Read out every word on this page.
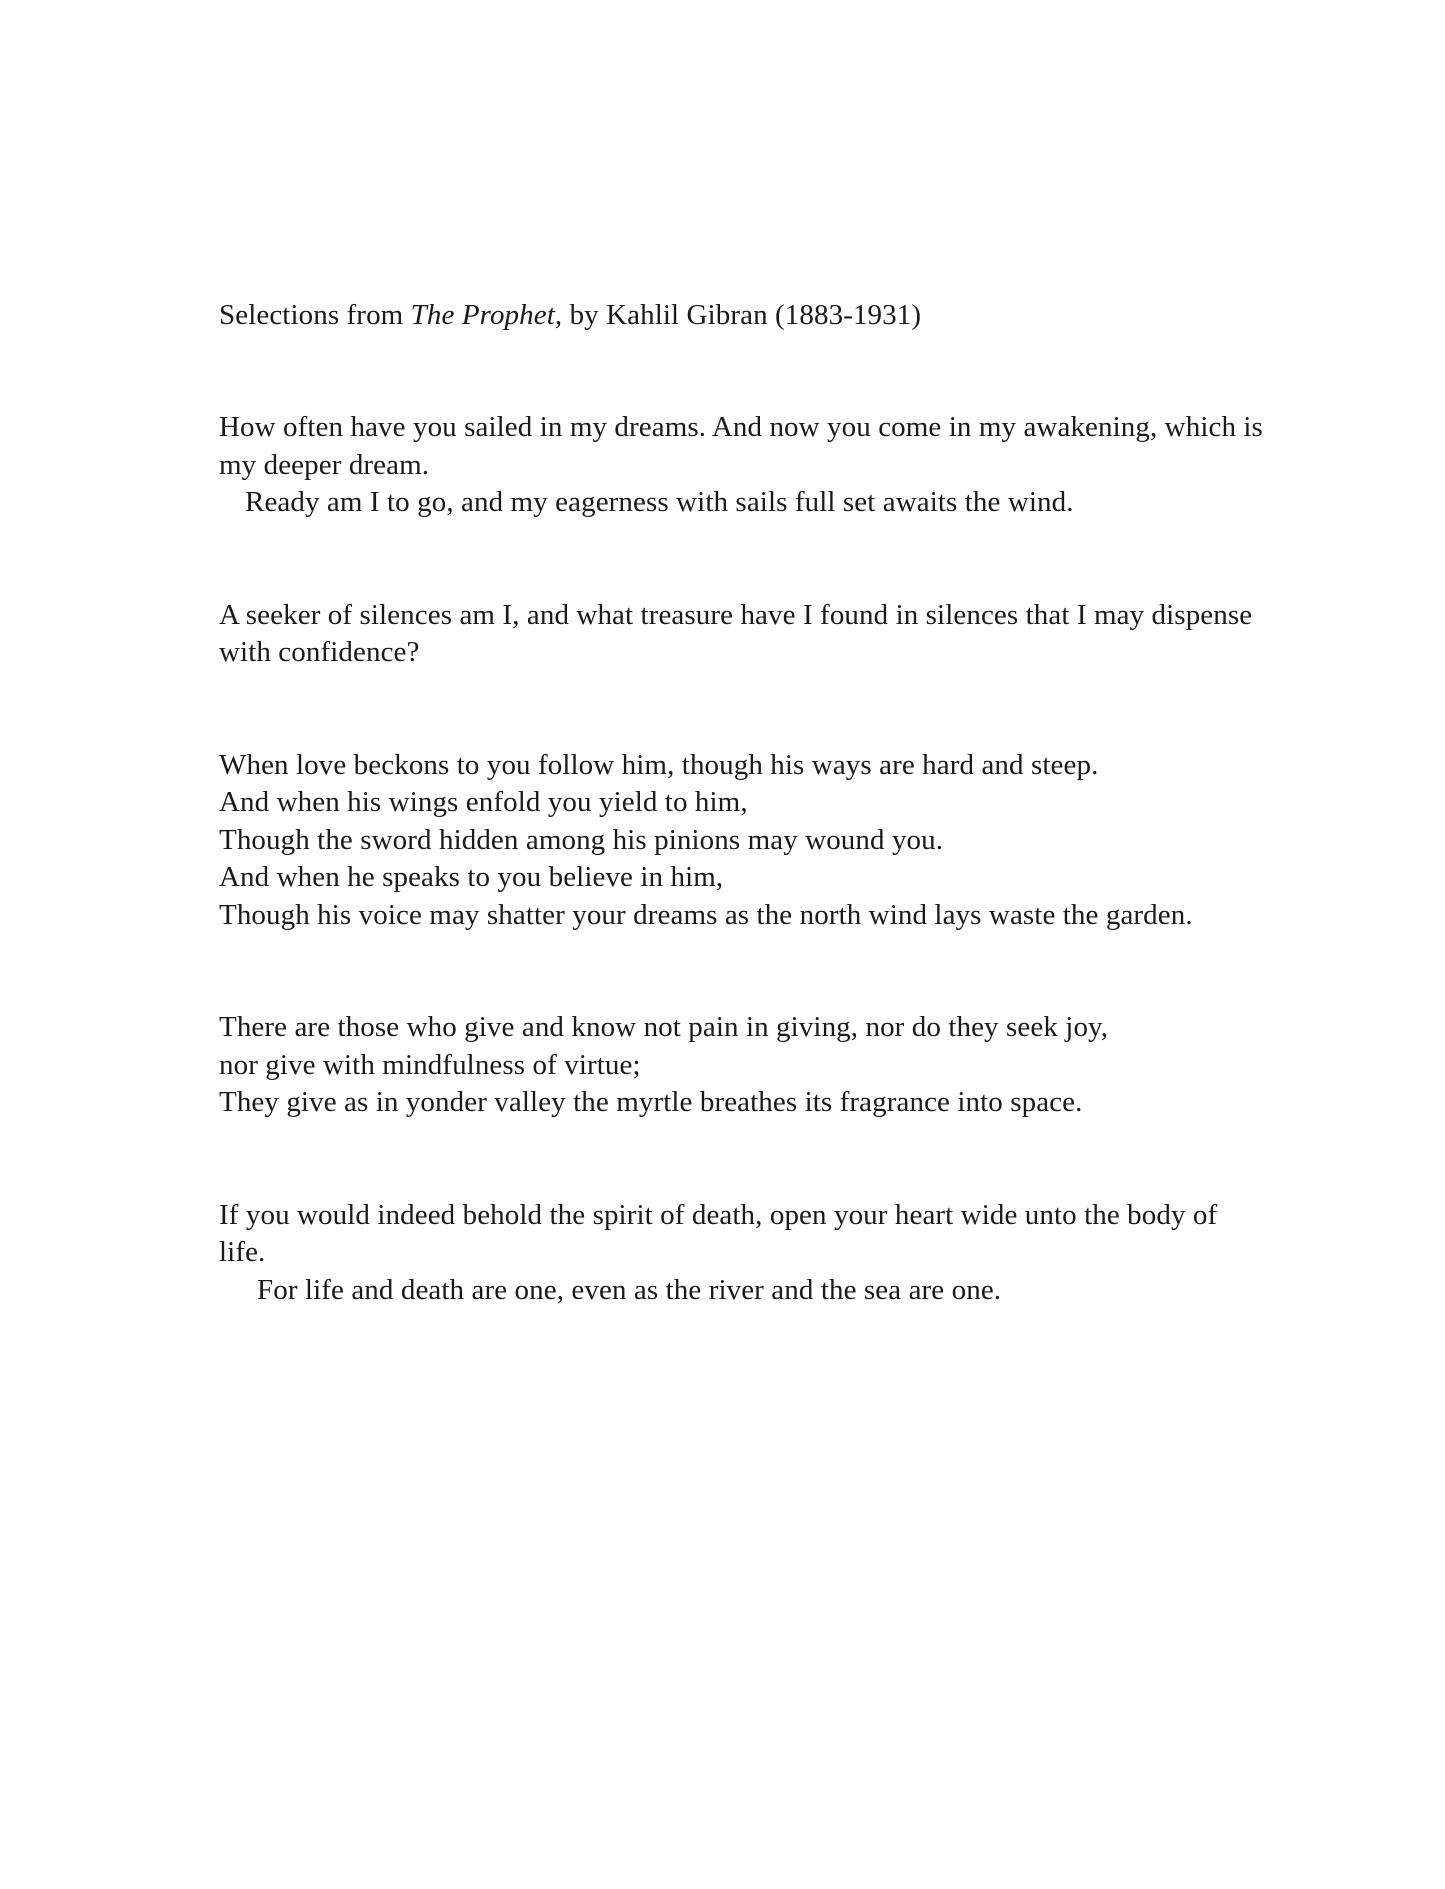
Selections from The Prophet, by Kahlil Gibran (1883-1931)

How often have you sailed in my dreams. And now you come in my awakening, which is my deeper dream.
Ready am I to go, and my eagerness with sails full set awaits the wind.

A seeker of silences am I, and what treasure have I found in silences that I may dispense with confidence?

When love beckons to you follow him, though his ways are hard and steep.
And when his wings enfold you yield to him,
Though the sword hidden among his pinions may wound you.
And when he speaks to you believe in him,
Though his voice may shatter your dreams as the north wind lays waste the garden.

There are those who give and know not pain in giving, nor do they seek joy,
nor give with mindfulness of virtue;
They give as in yonder valley the myrtle breathes its fragrance into space.

If you would indeed behold the spirit of death, open your heart wide unto the body of life.
For life and death are one, even as the river and the sea are one.
